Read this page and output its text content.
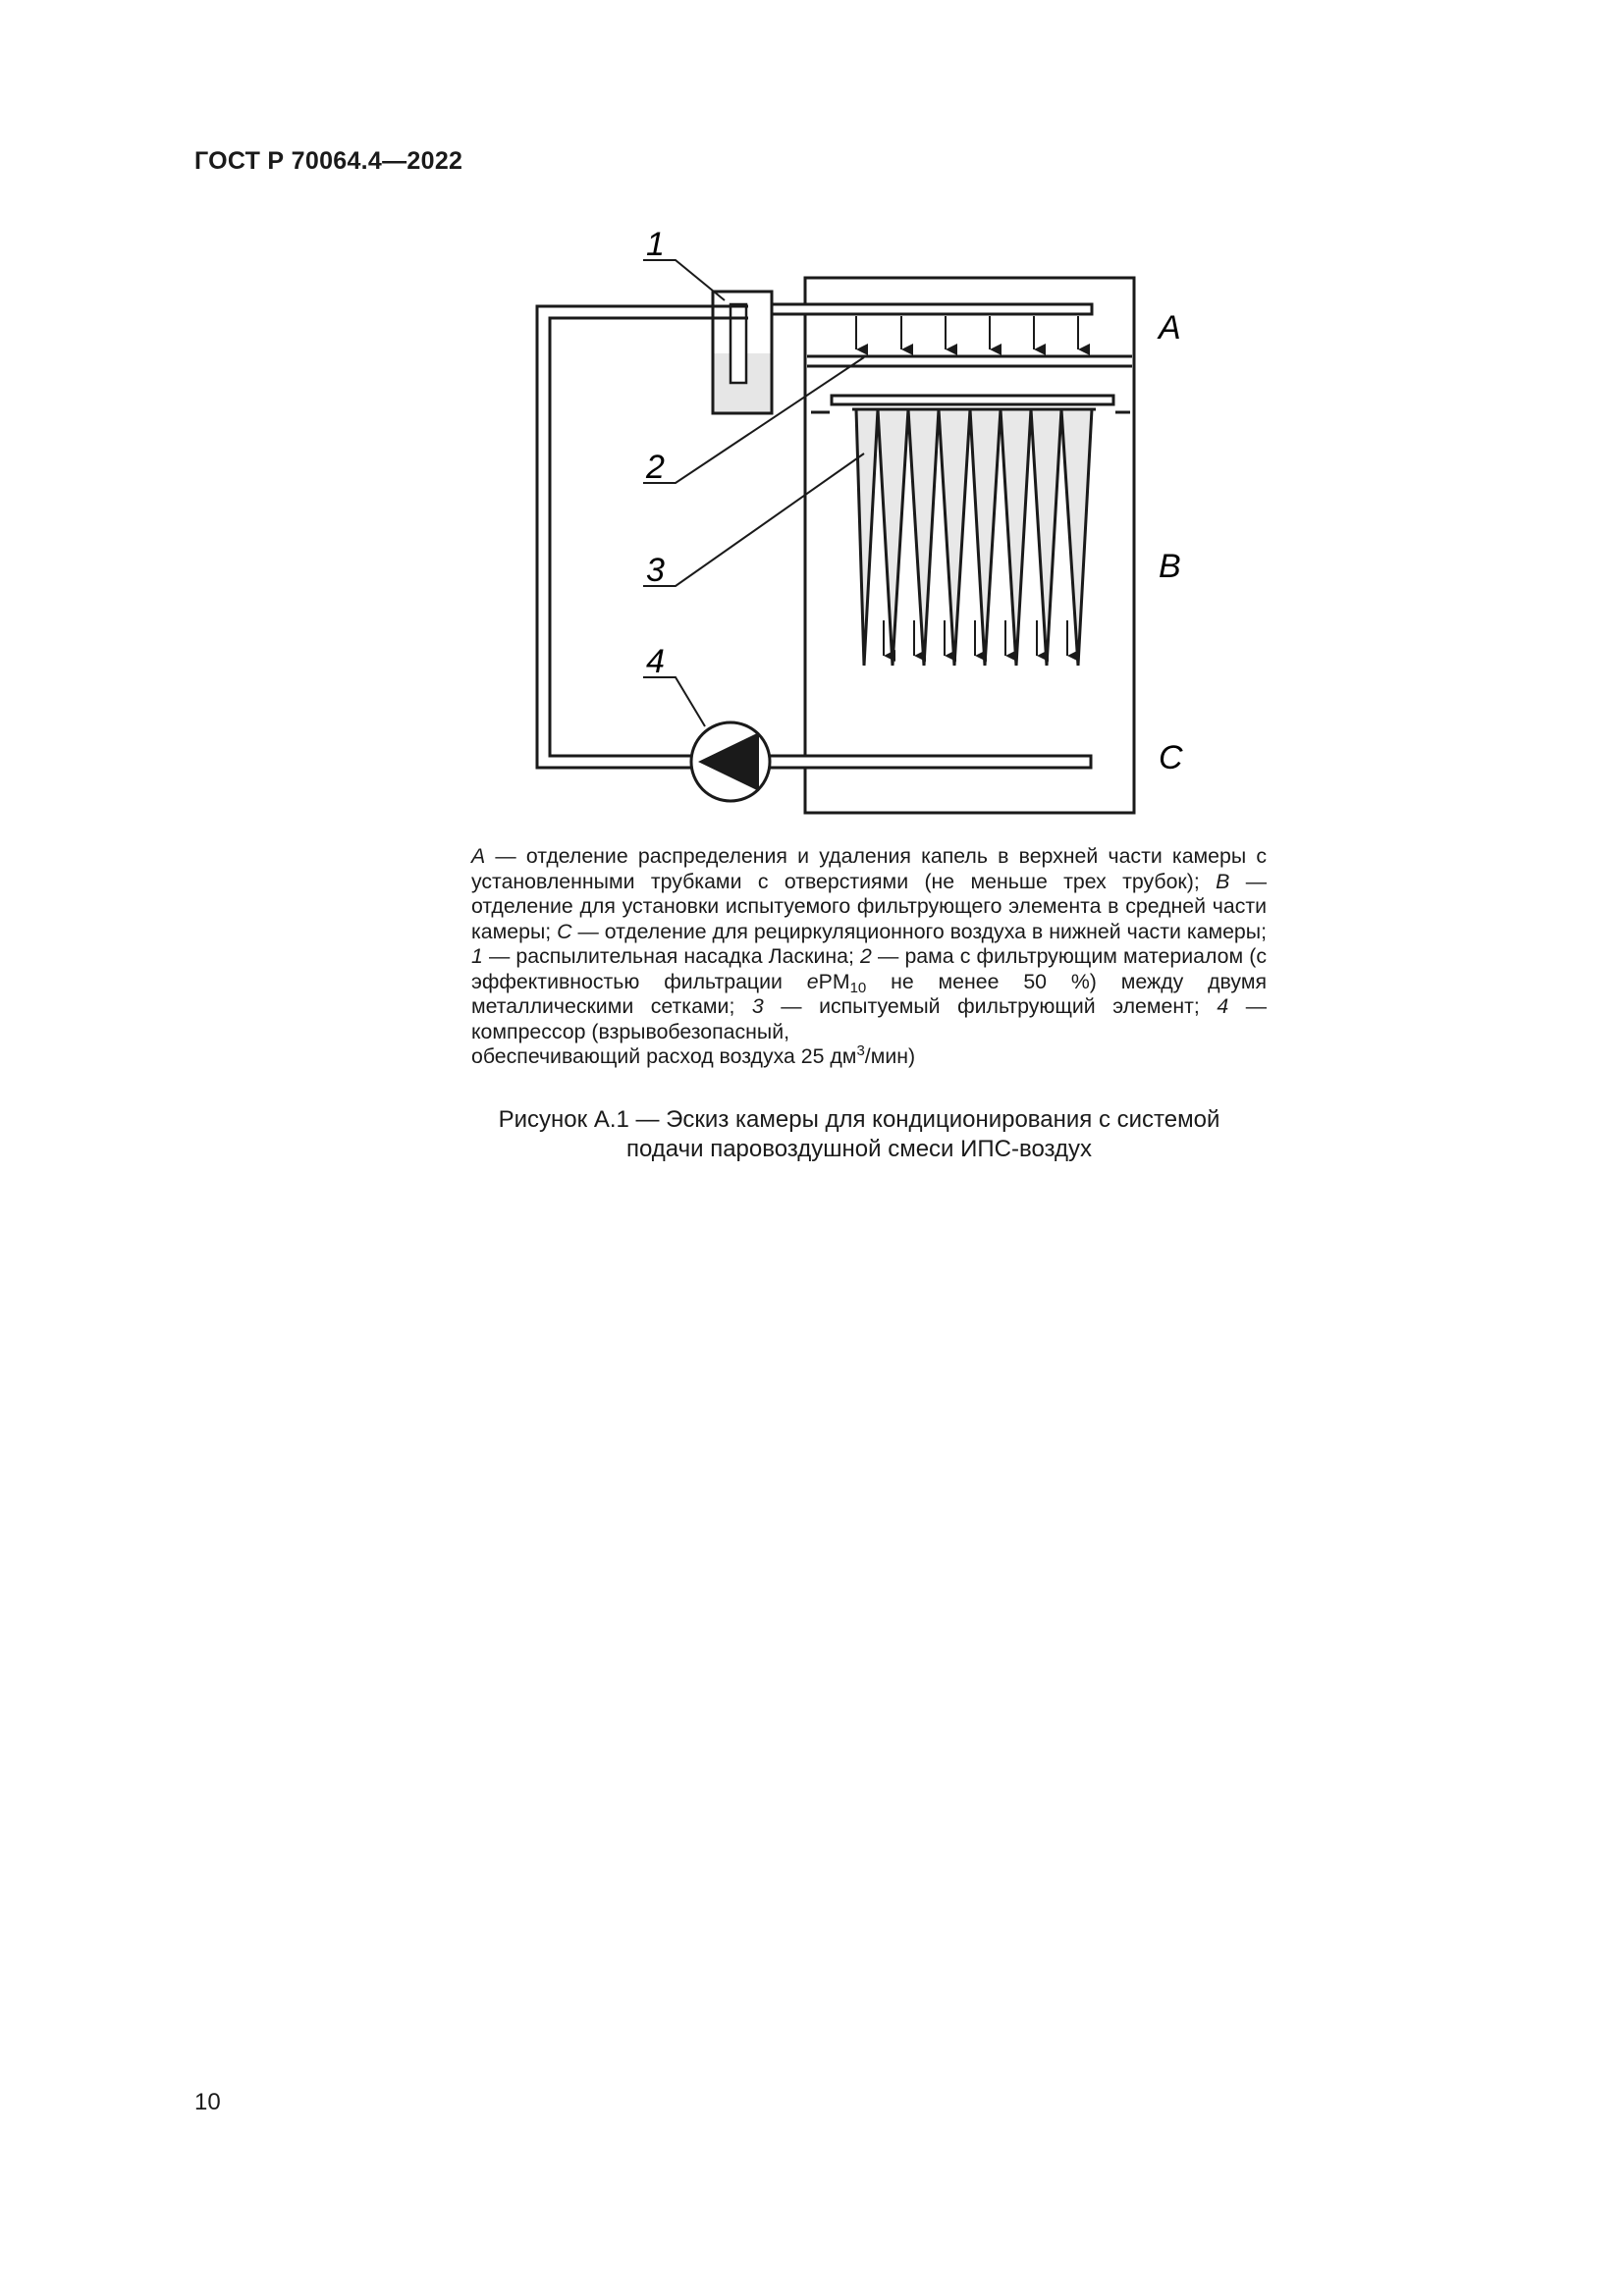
ГОСТ Р 70064.4—2022
1
2
3
4
A
B
C

A — отделение распределения и удаления капель в верхней части камеры с установленными трубками с отверстиями (не меньше трех трубок); B — отделение для установки испытуемого фильтрующего элемента в средней части камеры; C — отделение для рециркуляционного воздуха в нижней части камеры; 1 — распылительная насадка Ласкина; 2 — рама с фильтрующим материалом (с эффективностью фильтрации ePM$_{10}$ не менее 50 %) между двумя металлическими сетками; 3 — испытуемый фильтрующий элемент; 4 — компрессор (взрывобезопасный,

обеспечивающий расход воздуха 25 $дм^3/мин$)

Рисунок А.1 — Эскиз камеры для кондиционирования с системой
подачи паровоздушной смеси ИПС-воздух
10
